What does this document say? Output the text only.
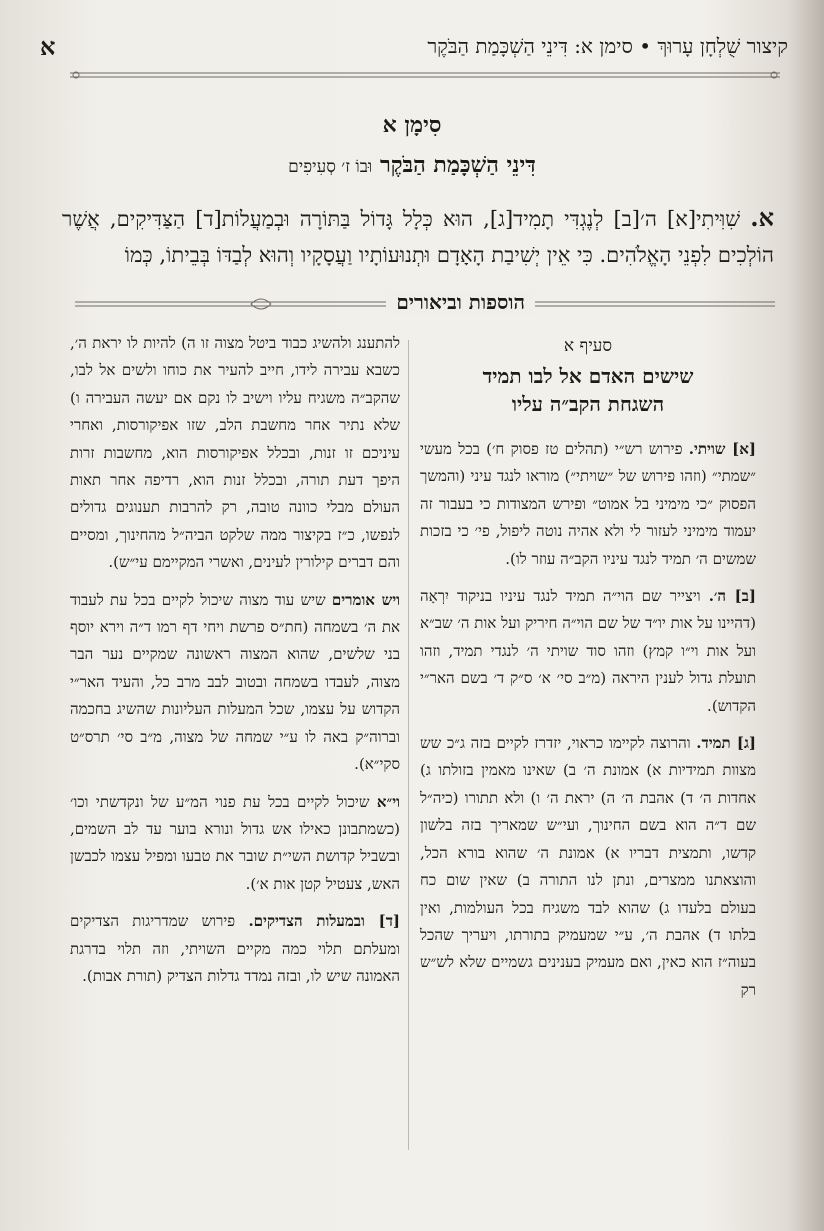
קיצור שֻׁלְחָן עָרוּךְ • סימן א: דִּינֵי הַשְׁכָּמַת הַבֹּקֶר
א
סִימָן א
דִּינֵי הַשְׁכָּמַת הַבֹּקֶר וּבוֹ ז׳ סְעִיפִים
א. שִׁוִּיתִי[א] ה׳[ב] לְנֶגְדִּי תָמִיד[ג], הוּא כְּלָל גָּדוֹל בַּתּוֹרָה וּבְמַעֲלוֹת[ד] הַצַּדִּיקִים, אֲשֶׁר הוֹלְכִים לִפְנֵי הָאֱלֹהִים. כִּי אֵין יְשִׁיבַת הָאָדָם וּתְנוּעוֹתָיו וַעֲסָקָיו וְהוּא לְבַדּוֹ בְּבֵיתוֹ, כְּמוֹ
הוספות וביאורים
סעיף א
שישים האדם אל לבו תמיד
השגחת הקב״ה עליו

[א] שויתי. פירוש רש״י (תהלים טז פסוק ח׳) בכל מעשי ״שמתי״ (וזהו פירוש של ״שויתי״) מוראו לנגד עיני (והמשך הפסוק ״כי מימיני בל אמוט״ ופירש המצודות כי בעבור זה יעמוד מימיני לעזור לי ולא אהיה נוטה ליפול, פי׳ כי בזכות שמשים ה׳ תמיד לנגד עיניו הקב״ה עוזר לו).

[ב] ה׳. ויצייר שם הוי״ה תמיד לנגד עיניו בניקוד יִרְאָה (דהיינו על אות יו״ד של שם הוי״ה חיריק ועל אות ה׳ שב״א ועל אות וי״ו קמץ) וזהו סוד שויתי ה׳ לנגדי תמיד, וזהו תועלת גדול לענין היראה (מ״ב סי׳ א׳ ס״ק ד׳ בשם האר״י הקדוש).

[ג] תמיד. והרוצה לקיימו כראוי, יזדרז לקיים בזה ג״כ שש מצוות תמידיות א) אמונת ה׳ ב) שאינו מאמין בזולתו ג) אחדות ה׳ ד) אהבת ה׳ ה) יראת ה׳ ו) ולא תתורו (כיה״ל שם ד״ה הוא בשם החינוך, ועי״ש שמאריך בזה בלשון קדשו, ותמצית דבריו א) אמונת ה׳ שהוא בורא הכל, והוצאתנו ממצרים, ונתן לנו התורה ב) שאין שום כח בעולם בלעדו ג) שהוא לבד משגיח בכל העולמות, ואין בלתו ד) אהבת ה׳, ע״י שמעמיק בתורתו, ויעריך שהכל בעוה״ז הוא כאין, ואם מעמיק בענינים גשמיים שלא לש״ש רק

להתענג ולהשיג כבוד ביטל מצוה זו ה) להיות לו יראת ה׳, כשבא עבירה לידו, חייב להעיר את כוחו ולשים אל לבו, שהקב״ה משגיח עליו וישיב לו נקם אם יעשה העבירה ו) שלא נתיר אחר מחשבת הלב, שזו אפיקורסות, ואחרי עיניכם זו זנות, ובכלל אפיקורסות הוא, מחשבות זרות היפך דעת תורה, ובכלל זנות הוא, רדיפה אחר תאות העולם מבלי כוונה טובה, רק להרבות תענוגים גדולים לנפשו, כ״ז בקיצור ממה שלקט הביה״ל מהחינוך, ומסיים והם דברים קילורין לעינים, ואשרי המקיימם עי״ש).

ויש אומרים שיש עוד מצוה שיכול לקיים בכל עת לעבוד את ה׳ בשמחה (חת״ס פרשת ויחי דף רמו ד״ה וירא יוסף בני שלשים, שהוא המצוה ראשונה שמקיים נער הבר מצוה, לעבדו בשמחה ובטוב לבב מרב כל, והעיד האר״י הקדוש על עצמו, שכל המעלות העליונות שהשיג בחכמה וברוה״ק באה לו ע״י שמחה של מצוה, מ״ב סי׳ תרס״ט סקי״א).

וי״א שיכול לקיים בכל עת פנוי המ״ע של ונקדשתי וכו׳ (כשמתבונן כאילו אש גדול ונורא בוער עד לב השמים, ובשביל קדושת השי״ת שובר את טבעו ומפיל עצמו לכבשן האש, צעטיל קטן אות א׳).

[ד] ובמעלות הצדיקים. פירוש שמדריגות הצדיקים ומעלתם תלוי כמה מקיים השויתי, וזה תלוי בדרגת האמונה שיש לו, ובזה נמדד גדלות הצדיק (תורת אבות).
